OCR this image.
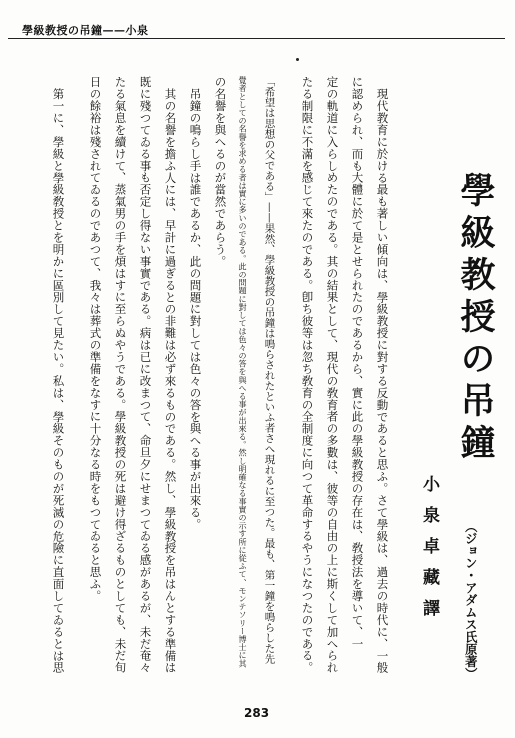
學級教授の吊鐘——小泉
學級教授の吊鐘
（ジョン・アダムス氏原著）
小泉卓藏譯
現代教育に於ける最も著しい傾向は、學級教授に對する反動であると思ふ。さて學級は、過去の時代に、一般
に認められ、而も大體に於て是とせられたのであるから、實に此の學級教授の存在は、敎授法を導いて、一
定の軌道に入らしめたのである。其の結果として、現代の敎育者の多數は、彼等の自由の上に斯くして加へられ
たる制限に不滿を感じて來たのである。卽ち彼等は忽ち敎育の全制度に向つて革命するやうになつたのである。
「希望は思想の父である」——果然、學級教授の吊鐘は鳴らされたといふ者さへ現れるに至つた。最も、第一鐘を鳴らした先
覺者としての名譽を求める者は實に多いのである。此の問題に對しては色々の答を與へる事が出來る。然し明確なる事實の示す所に從ふて、モンテソリー博士に其
の名譽を與へるのが當然であらう。
吊鐘の鳴らし手は誰であるか、此の問題に對しては色々の答を與へる事が出來る。
其の名譽を擔ふ人には、早計に過ぎるとの非難は必ず來るものである。然し、學級教授を吊はんとする準備は
既に殘つてゐる事も否定し得ない事實である。病は已に改まつて、命旦夕にせまつてゐる感があるが、未だ奄々
たる氣息を續けて、蒸氣男の手を煩はすに至らぬやうである。學級教授の死は避け得ざるものとしても、未だ旬
日の餘裕は殘されてゐるのであつて、我々は葬式の準備をなすに十分なる時をもつてゐると思ふ。
第一に、學級と學級敎授とを明かに區別して見たい。私は、學級そのものが死滅の危險に直面してゐるとは思
283
